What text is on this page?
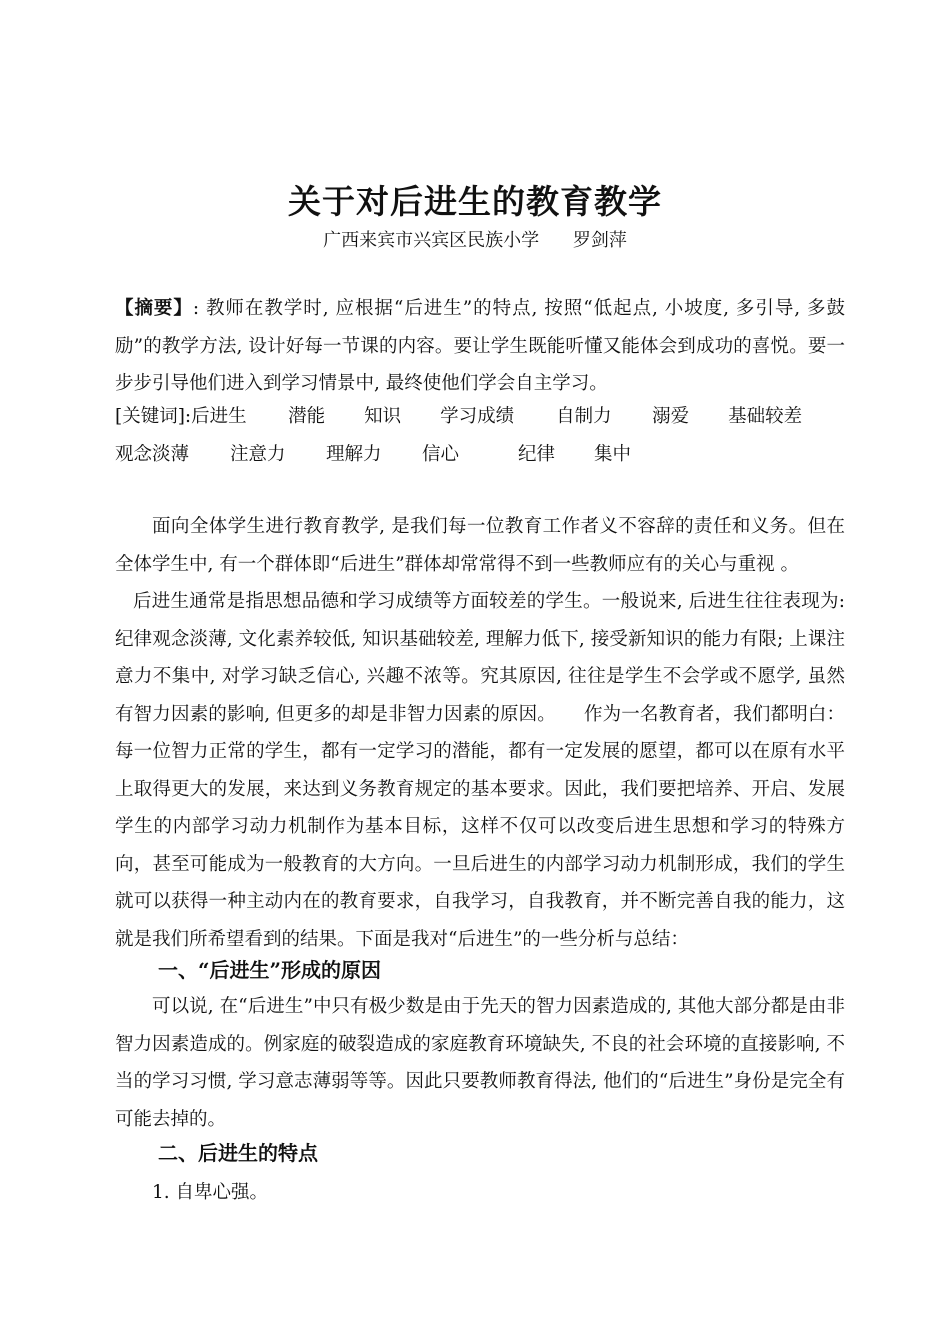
关于对后进生的教育教学
广西来宾市兴宾区民族小学 罗剑萍

【摘要】: 教师在教学时, 应根据“后进生”的特点, 按照“低起点, 小坡度, 多引导, 多鼓励”的教学方法, 设计好每一节课的内容。要让学生既能听懂又能体会到成功的喜悦。要一步步引导他们进入到学习情景中, 最终使他们学会自主学习。

[关键词]: 后进生	潜能	知识	学习成绩	自制力	溺爱	基础较差
观念淡薄	注意力	理解力	信心	纪律	集中

面向全体学生进行教育教学, 是我们每一位教育工作者义不容辞的责任和义务。但在全体学生中, 有一个群体即“后进生”群体却常常得不到一些教师应有的关心与重视 。

后进生通常是指思想品德和学习成绩等方面较差的学生。一般说来, 后进生往往表现为: 纪律观念淡薄, 文化素养较低, 知识基础较差, 理解力低下, 接受新知识的能力有限; 上课注意力不集中, 对学习缺乏信心, 兴趣不浓等。究其原因, 往往是学生不会学或不愿学, 虽然有智力因素的影响, 但更多的却是非智力因素的原因。　　作为一名教育者，我们都明白：每一位智力正常的学生，都有一定学习的潜能，都有一定发展的愿望，都可以在原有水平上取得更大的发展，来达到义务教育规定的基本要求。因此，我们要把培养、开启、发展学生的内部学习动力机制作为基本目标，这样不仅可以改变后进生思想和学习的特殊方向，甚至可能成为一般教育的大方向。一旦后进生的内部学习动力机制形成，我们的学生就可以获得一种主动内在的教育要求，自我学习，自我教育，并不断完善自我的能力，这就是我们所希望看到的结果。下面是我对“后进生”的一些分析与总结：

一、“后进生”形成的原因

可以说, 在“后进生”中只有极少数是由于先天的智力因素造成的, 其他大部分都是由非智力因素造成的。例家庭的破裂造成的家庭教育环境缺失, 不良的社会环境的直接影响, 不当的学习习惯, 学习意志薄弱等等。因此只要教师教育得法, 他们的“后进生”身份是完全有可能去掉的。

二、后进生的特点

1. 自卑心强。
